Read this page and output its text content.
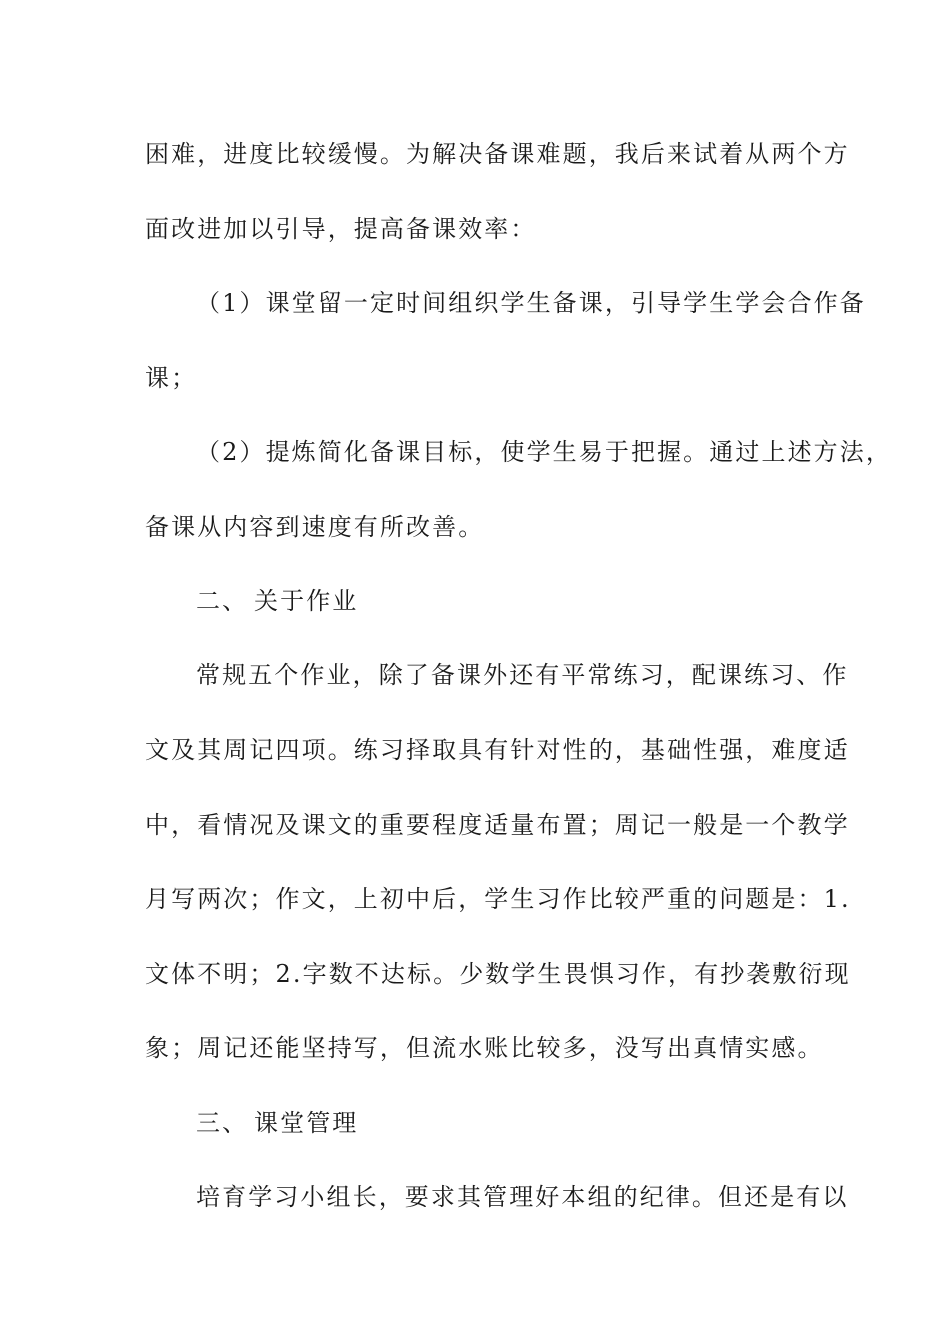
困难，进度比较缓慢。为解决备课难题，我后来试着从两个方
面改进加以引导，提高备课效率：
（1）课堂留一定时间组织学生备课，引导学生学会合作备
课；
（2）提炼简化备课目标，使学生易于把握。通过上述方法，
备课从内容到速度有所改善。
二、 关于作业
常规五个作业，除了备课外还有平常练习，配课练习、作
文及其周记四项。练习择取具有针对性的，基础性强，难度适
中，看情况及课文的重要程度适量布置；周记一般是一个教学
月写两次；作文，上初中后，学生习作比较严重的问题是：1.
文体不明；2.字数不达标。少数学生畏惧习作，有抄袭敷衍现
象；周记还能坚持写，但流水账比较多，没写出真情实感。
三、 课堂管理
培育学习小组长，要求其管理好本组的纪律。但还是有以
